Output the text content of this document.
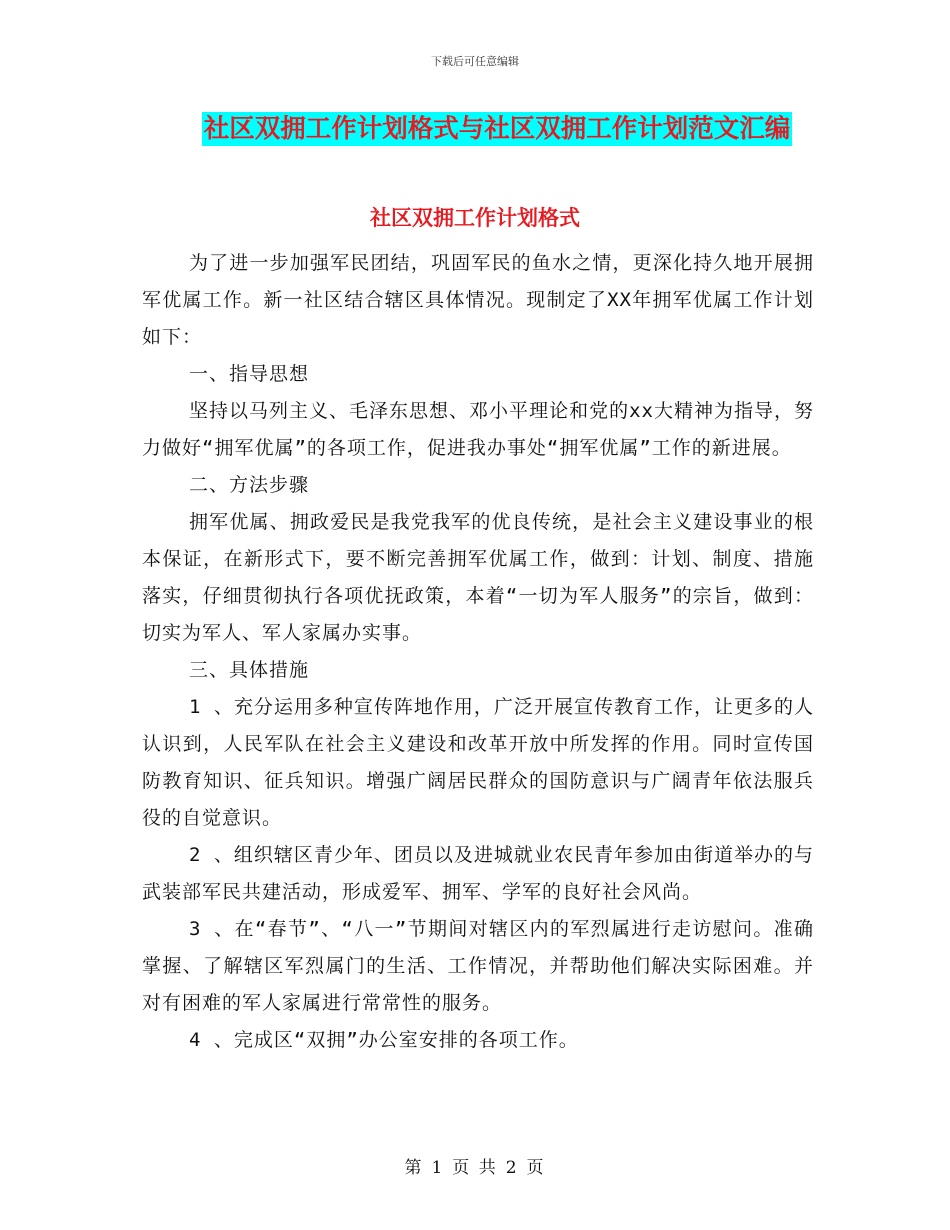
下载后可任意编辑
社区双拥工作计划格式与社区双拥工作计划范文汇编
社区双拥工作计划格式

为了进一步加强军民团结，巩固军民的鱼水之情，更深化持久地开展拥军优属工作。新一社区结合辖区具体情况。现制定了XX年拥军优属工作计划如下：

一、指导思想

坚持以马列主义、毛泽东思想、邓小平理论和党的xx大精神为指导，努力做好“拥军优属”的各项工作，促进我办事处“拥军优属”工作的新进展。

二、方法步骤

拥军优属、拥政爱民是我党我军的优良传统，是社会主义建设事业的根本保证，在新形式下，要不断完善拥军优属工作，做到：计划、制度、措施落实，仔细贯彻执行各项优抚政策，本着“一切为军人服务”的宗旨，做到：切实为军人、军人家属办实事。

三、具体措施

1 、充分运用多种宣传阵地作用，广泛开展宣传教育工作，让更多的人认识到，人民军队在社会主义建设和改革开放中所发挥的作用。同时宣传国防教育知识、征兵知识。增强广阔居民群众的国防意识与广阔青年依法服兵役的自觉意识。

2 、组织辖区青少年、团员以及进城就业农民青年参加由街道举办的与武装部军民共建活动，形成爱军、拥军、学军的良好社会风尚。

3 、在“春节”、“八一”节期间对辖区内的军烈属进行走访慰问。准确掌握、了解辖区军烈属门的生活、工作情况，并帮助他们解决实际困难。并对有困难的军人家属进行常常性的服务。

4 、完成区“双拥”办公室安排的各项工作。

第 1 页 共 2 页
